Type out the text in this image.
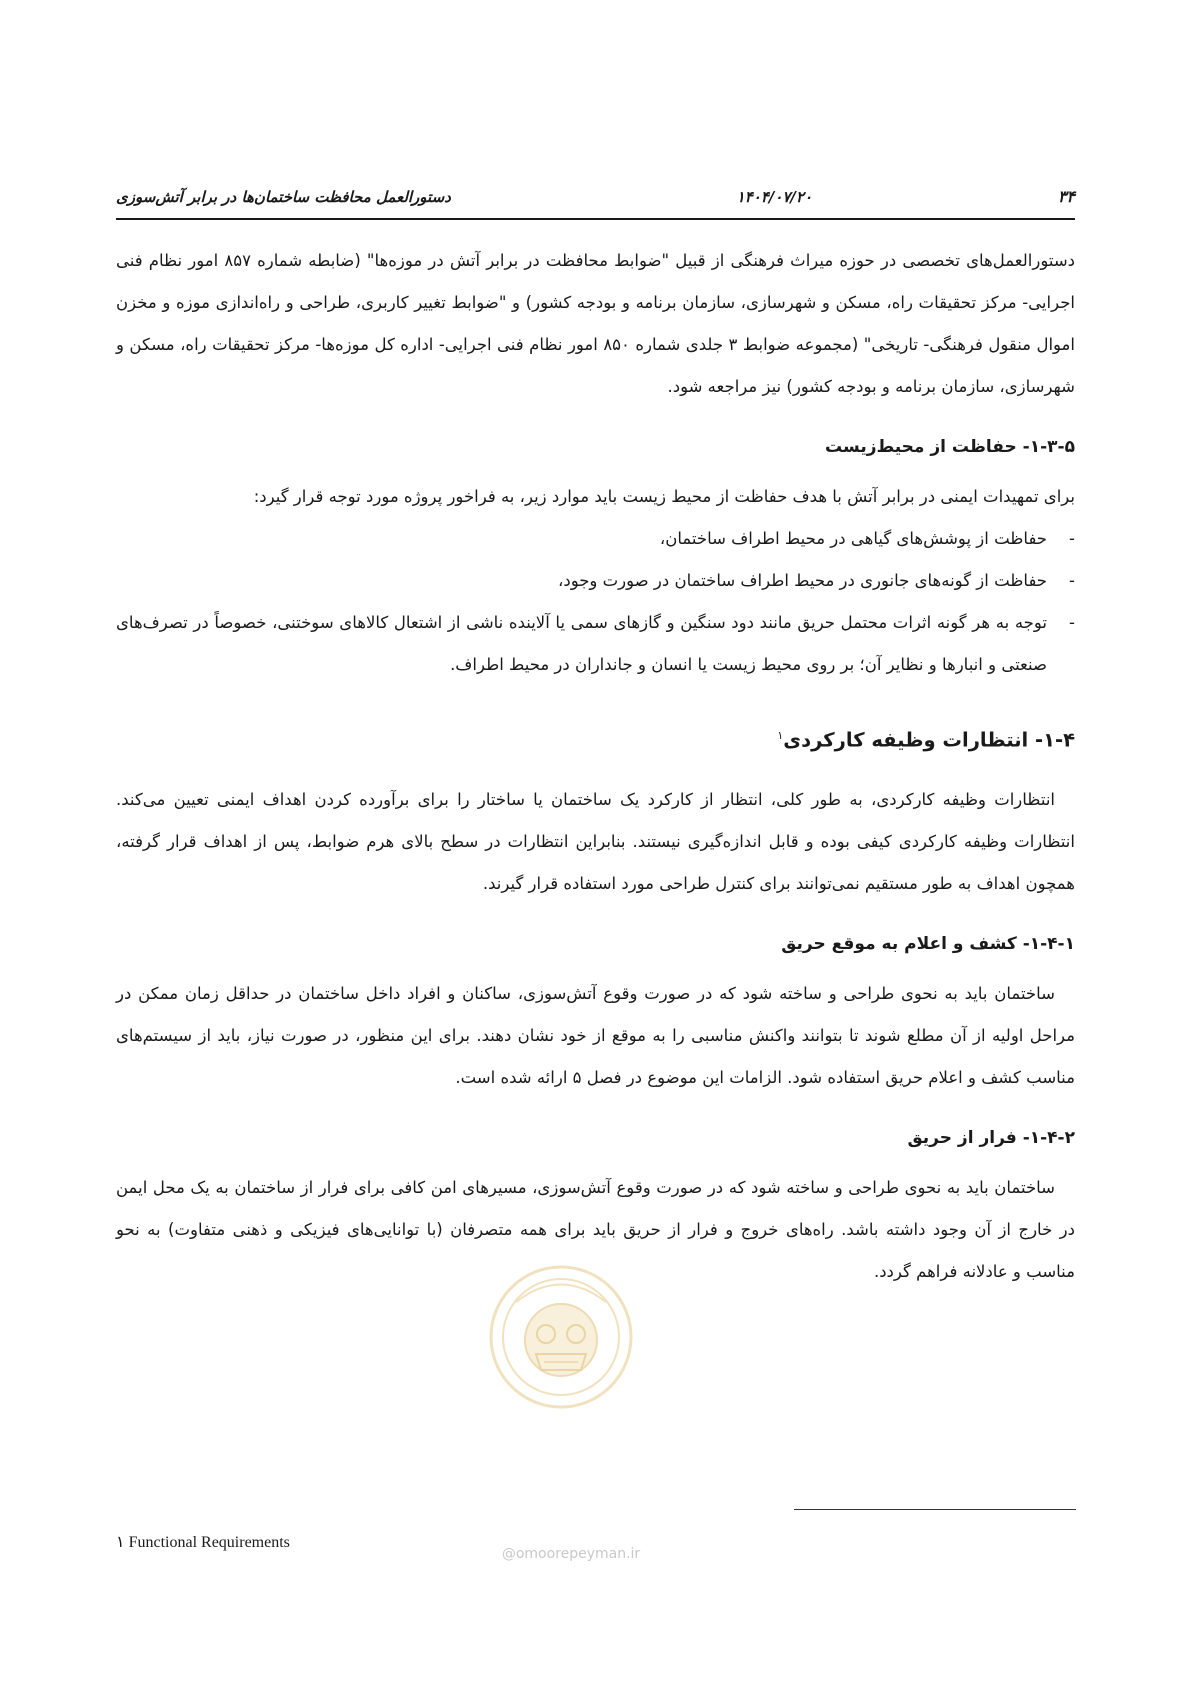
۳۴
۱۴۰۴/۰۷/۲۰
دستورالعمل محافظت ساختمان‌ها در برابر آتش‌سوزی

دستورالعمل‌های تخصصی در حوزه میراث فرهنگی از قبیل "ضوابط محافظت در برابر آتش در موزه‌ها" (ضابطه شماره ۸۵۷ امور نظام فنی اجرایی- مرکز تحقیقات راه، مسکن و شهرسازی، سازمان برنامه و بودجه کشور) و "ضوابط تغییر کاربری، طراحی و راه‌اندازی موزه و مخزن اموال منقول فرهنگی- تاریخی" (مجموعه ضوابط ۳ جلدی شماره ۸۵۰ امور نظام فنی اجرایی- اداره کل موزه‌ها- مرکز تحقیقات راه، مسکن و شهرسازی، سازمان برنامه و بودجه کشور) نیز مراجعه شود.

۱-۳-۵- حفاظت از محیط‌زیست

برای تمهیدات ایمنی در برابر آتش با هدف حفاظت از محیط زیست باید موارد زیر، به فراخور پروژه مورد توجه قرار گیرد:

-
حفاظت از پوشش‌های گیاهی در محیط اطراف ساختمان،
-
حفاظت از گونه‌های جانوری در محیط اطراف ساختمان در صورت وجود،
-
توجه به هر گونه اثرات محتمل حریق مانند دود سنگین و گازهای سمی یا آلاینده ناشی از اشتعال کالاهای سوختنی، خصوصاً در تصرف‌های صنعتی و انبارها و نظایر آن؛ بر روی محیط زیست یا انسان و جانداران در محیط اطراف.
۱-۴- انتظارات وظیفه کارکردی$^۱$

انتظارات وظیفه کارکردی، به طور کلی، انتظار از کارکرد یک ساختمان یا ساختار را برای برآورده کردن اهداف ایمنی تعیین می‌کند. انتظارات وظیفه کارکردی کیفی بوده و قابل اندازه‌گیری نیستند. بنابراین انتظارات در سطح بالای هرم ضوابط، پس از اهداف قرار گرفته، همچون اهداف به طور مستقیم نمی‌توانند برای کنترل طراحی مورد استفاده قرار گیرند.

۱-۴-۱- کشف و اعلام به موقع حریق

ساختمان باید به نحوی طراحی و ساخته شود که در صورت وقوع آتش‌سوزی، ساکنان و افراد داخل ساختمان در حداقل زمان ممکن در مراحل اولیه از آن مطلع شوند تا بتوانند واکنش مناسبی را به موقع از خود نشان دهند. برای این منظور، در صورت نیاز، باید از سیستم‌های مناسب کشف و اعلام حریق استفاده شود. الزامات این موضوع در فصل ۵ ارائه شده است.

۱-۴-۲- فرار از حریق

ساختمان باید به نحوی طراحی و ساخته شود که در صورت وقوع آتش‌سوزی، مسیرهای امن کافی برای فرار از ساختمان به یک محل ایمن در خارج از آن وجود داشته باشد. راه‌های خروج و فرار از حریق باید برای همه متصرفان (با توانایی‌های فیزیکی و ذهنی متفاوت) به نحو مناسب و عادلانه فراهم گردد.

@omoorepeyman.ir
۱ Functional Requirements
